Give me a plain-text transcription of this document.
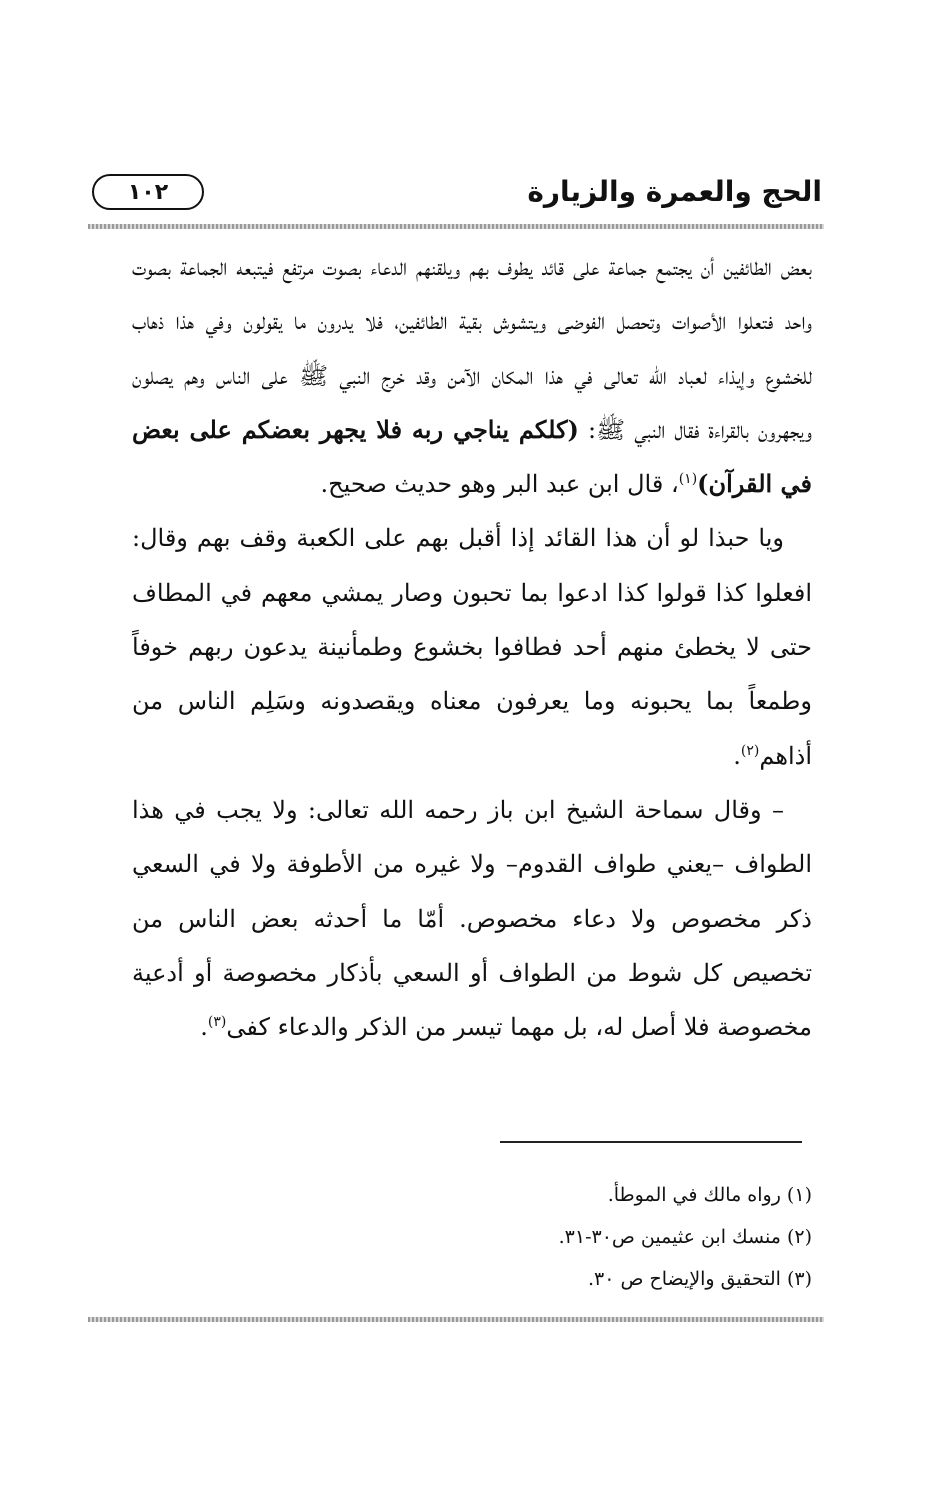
الحج والعمرة والزيارة
١٠٢

بعض الطائفين أن يجتمع جماعة على قائد يطوف بهم ويلقنهم الدعاء بصوت مرتفع فيتبعه الجماعة بصوت واحد فتعلوا الأصوات وتحصل الفوضى ويتشوش بقية الطائفين، فلا يدرون ما يقولون وفي هذا ذهاب للخشوع وإيذاء لعباد الله تعالى في هذا المكان الآمن وقد خرج النبي ﷺ على الناس وهم يصلون ويجهرون بالقراءة فقال النبي ﷺ: (كلكم يناجي ربه فلا يجهر بعضكم على بعض في القرآن)$^{(١)}$، قال ابن عبد البر وهو حديث صحيح.

ويا حبذا لو أن هذا القائد إذا أقبل بهم على الكعبة وقف بهم وقال: افعلوا كذا قولوا كذا ادعوا بما تحبون وصار يمشي معهم في المطاف حتى لا يخطئ منهم أحد فطافوا بخشوع وطمأنينة يدعون ربهم خوفاً وطمعاً بما يحبونه وما يعرفون معناه ويقصدونه وسَلِم الناس من أذاهم$^{(٢)}$.

– وقال سماحة الشيخ ابن باز رحمه الله تعالى: ولا يجب في هذا الطواف –يعني طواف القدوم– ولا غيره من الأطوفة ولا في السعي ذكر مخصوص ولا دعاء مخصوص. أمّا ما أحدثه بعض الناس من تخصيص كل شوط من الطواف أو السعي بأذكار مخصوصة أو أدعية مخصوصة فلا أصل له، بل مهما تيسر من الذكر والدعاء كفى$^{(٣)}$.

(١) رواه مالك في الموطأ.

(٢) منسك ابن عثيمين ص٣٠-٣١.

(٣) التحقيق والإيضاح ص ٣٠.
